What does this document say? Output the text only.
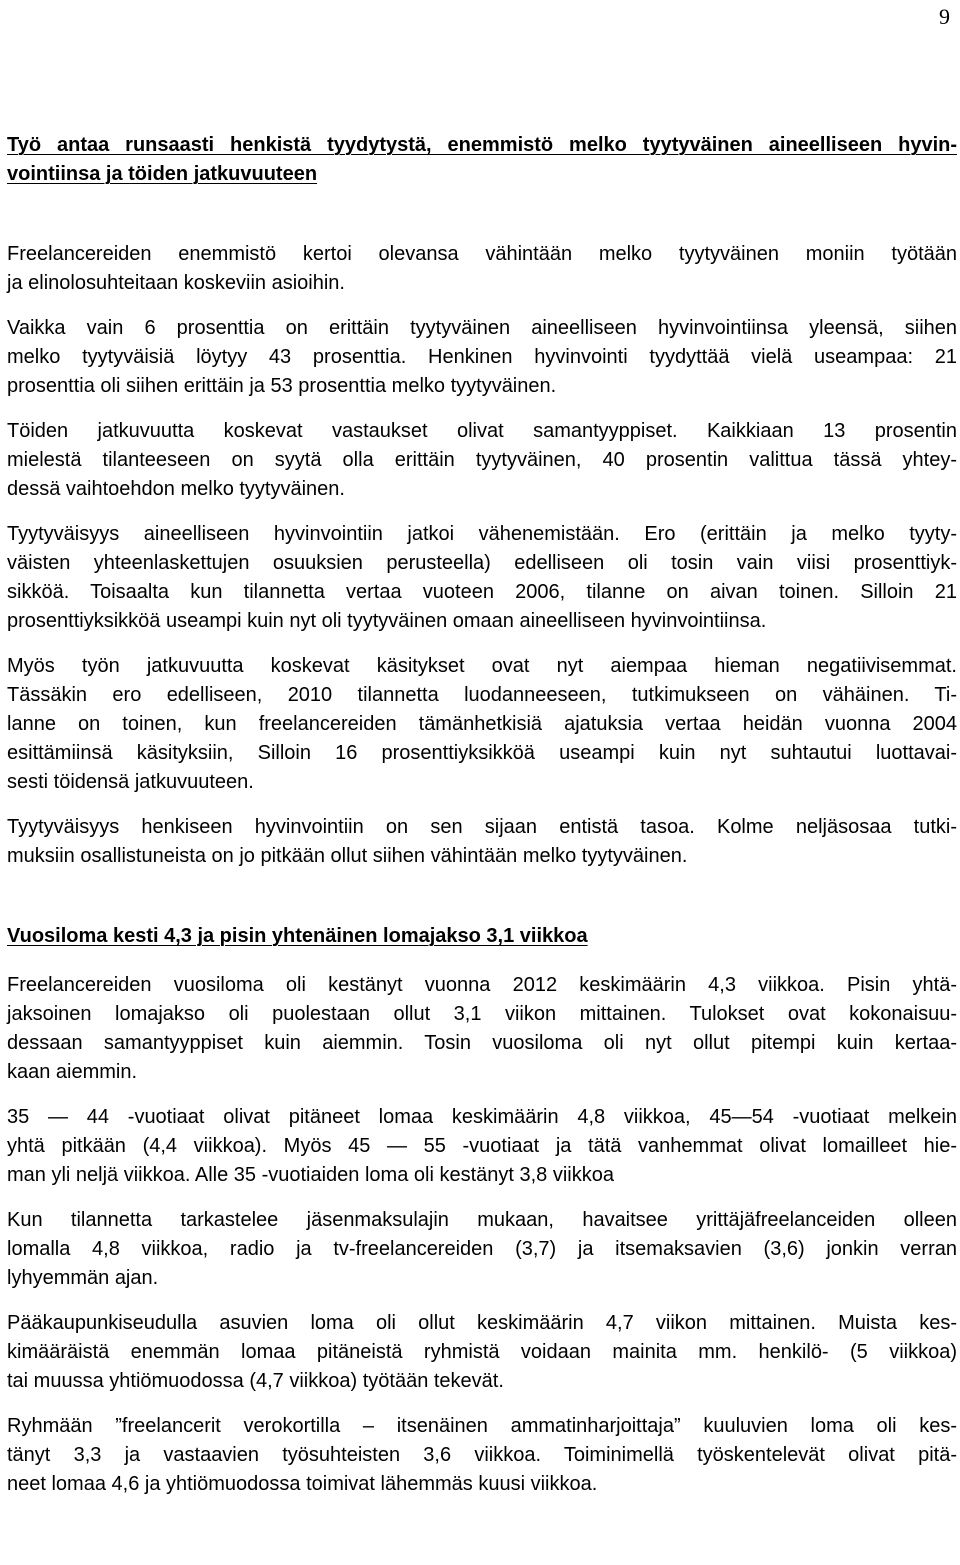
9
Työ antaa runsaasti henkistä tyydytystä, enemmistö melko tyytyväinen aineelliseen hyvin-
vointiinsa ja töiden jatkuvuuteen

Freelancereiden enemmistö kertoi olevansa vähintään melko tyytyväinen moniin työtään
ja elinolosuhteitaan koskeviin asioihin.

Vaikka vain 6 prosenttia on erittäin tyytyväinen aineelliseen hyvinvointiinsa yleensä, siihen
melko tyytyväisiä löytyy 43 prosenttia. Henkinen hyvinvointi tyydyttää vielä useampaa: 21
prosenttia oli siihen erittäin ja 53 prosenttia melko tyytyväinen.

Töiden jatkuvuutta koskevat vastaukset olivat samantyyppiset. Kaikkiaan 13 prosentin
mielestä tilanteeseen on syytä olla erittäin tyytyväinen, 40 prosentin valittua tässä yhtey-
dessä vaihtoehdon melko tyytyväinen.

Tyytyväisyys aineelliseen hyvinvointiin jatkoi vähenemistään. Ero (erittäin ja melko tyyty-
väisten yhteenlaskettujen osuuksien perusteella) edelliseen oli tosin vain viisi prosenttiyk-
sikköä. Toisaalta kun tilannetta vertaa vuoteen 2006, tilanne on aivan toinen. Silloin 21
prosenttiyksikköä useampi kuin nyt oli tyytyväinen omaan aineelliseen hyvinvointiinsa.

Myös työn jatkuvuutta koskevat käsitykset ovat nyt aiempaa hieman negatiivisemmat.
Tässäkin ero edelliseen, 2010 tilannetta luodanneeseen, tutkimukseen on vähäinen. Ti-
lanne on toinen, kun freelancereiden tämänhetkisiä ajatuksia vertaa heidän vuonna 2004
esittämiinsä käsityksiin, Silloin 16 prosenttiyksikköä useampi kuin nyt suhtautui luottavai-
sesti töidensä jatkuvuuteen.

Tyytyväisyys henkiseen hyvinvointiin on sen sijaan entistä tasoa. Kolme neljäsosaa tutki-
muksiin osallistuneista on jo pitkään ollut siihen vähintään melko tyytyväinen.

Vuosiloma kesti 4,3 ja pisin yhtenäinen lomajakso 3,1 viikkoa

Freelancereiden vuosiloma oli kestänyt vuonna 2012 keskimäärin 4,3 viikkoa. Pisin yhtä-
jaksoinen lomajakso oli puolestaan ollut 3,1 viikon mittainen. Tulokset ovat kokonaisuu-
dessaan samantyyppiset kuin aiemmin. Tosin vuosiloma oli nyt ollut pitempi kuin kertaa-
kaan aiemmin.

35 — 44 -vuotiaat olivat pitäneet lomaa keskimäärin 4,8 viikkoa, 45—54 -vuotiaat melkein
yhtä pitkään (4,4 viikkoa). Myös 45 — 55 -vuotiaat ja tätä vanhemmat olivat lomailleet hie-
man yli neljä viikkoa. Alle 35 -vuotiaiden loma oli kestänyt 3,8 viikkoa

Kun tilannetta tarkastelee jäsenmaksulajin mukaan, havaitsee yrittäjäfreelanceiden olleen
lomalla 4,8 viikkoa, radio ja tv-freelancereiden (3,7) ja itsemaksavien (3,6) jonkin verran
lyhyemmän ajan.

Pääkaupunkiseudulla asuvien loma oli ollut keskimäärin 4,7 viikon mittainen. Muista kes-
kimääräistä enemmän lomaa pitäneistä ryhmistä voidaan mainita mm. henkilö- (5 viikkoa)
tai muussa yhtiömuodossa (4,7 viikkoa) työtään tekevät.

Ryhmään ”freelancerit verokortilla – itsenäinen ammatinharjoittaja” kuuluvien loma oli kes-
tänyt 3,3 ja vastaavien työsuhteisten 3,6 viikkoa. Toiminimellä työskentelevät olivat pitä-
neet lomaa 4,6 ja yhtiömuodossa toimivat lähemmäs kuusi viikkoa.
